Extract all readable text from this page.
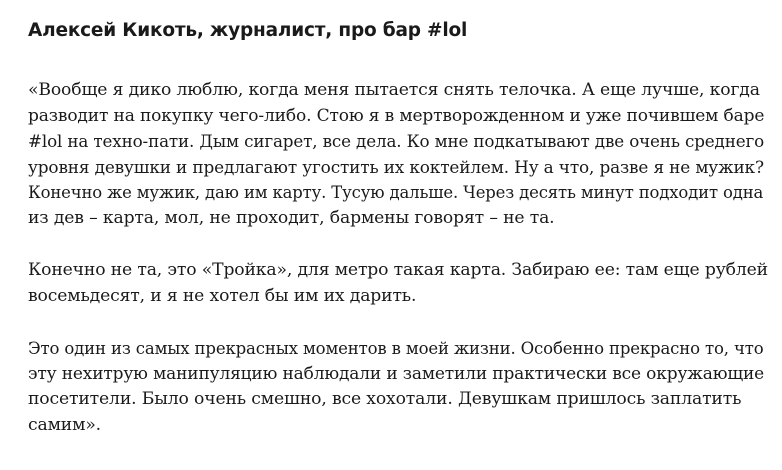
Алексей Кикоть, журналист, про бар #lol

«Вообще я дико люблю, когда меня пытается снять телочка. А еще лучше, когда
разводит на покупку чего-либо. Стою я в мертворожденном и уже почившем баре
#lol на техно-пати. Дым сигарет, все дела. Ко мне подкатывают две очень среднего
уровня девушки и предлагают угостить их коктейлем. Ну а что, разве я не мужик?
Конечно же мужик, даю им карту. Тусую дальше. Через десять минут подходит одна
из дев – карта, мол, не проходит, бармены говорят – не та.

Конечно не та, это «Тройка», для метро такая карта. Забираю ее: там еще рублей
восемьдесят, и я не хотел бы им их дарить.

Это один из самых прекрасных моментов в моей жизни. Особенно прекрасно то, что
эту нехитрую манипуляцию наблюдали и заметили практически все окружающие
посетители. Было очень смешно, все хохотали. Девушкам пришлось заплатить
самим».
